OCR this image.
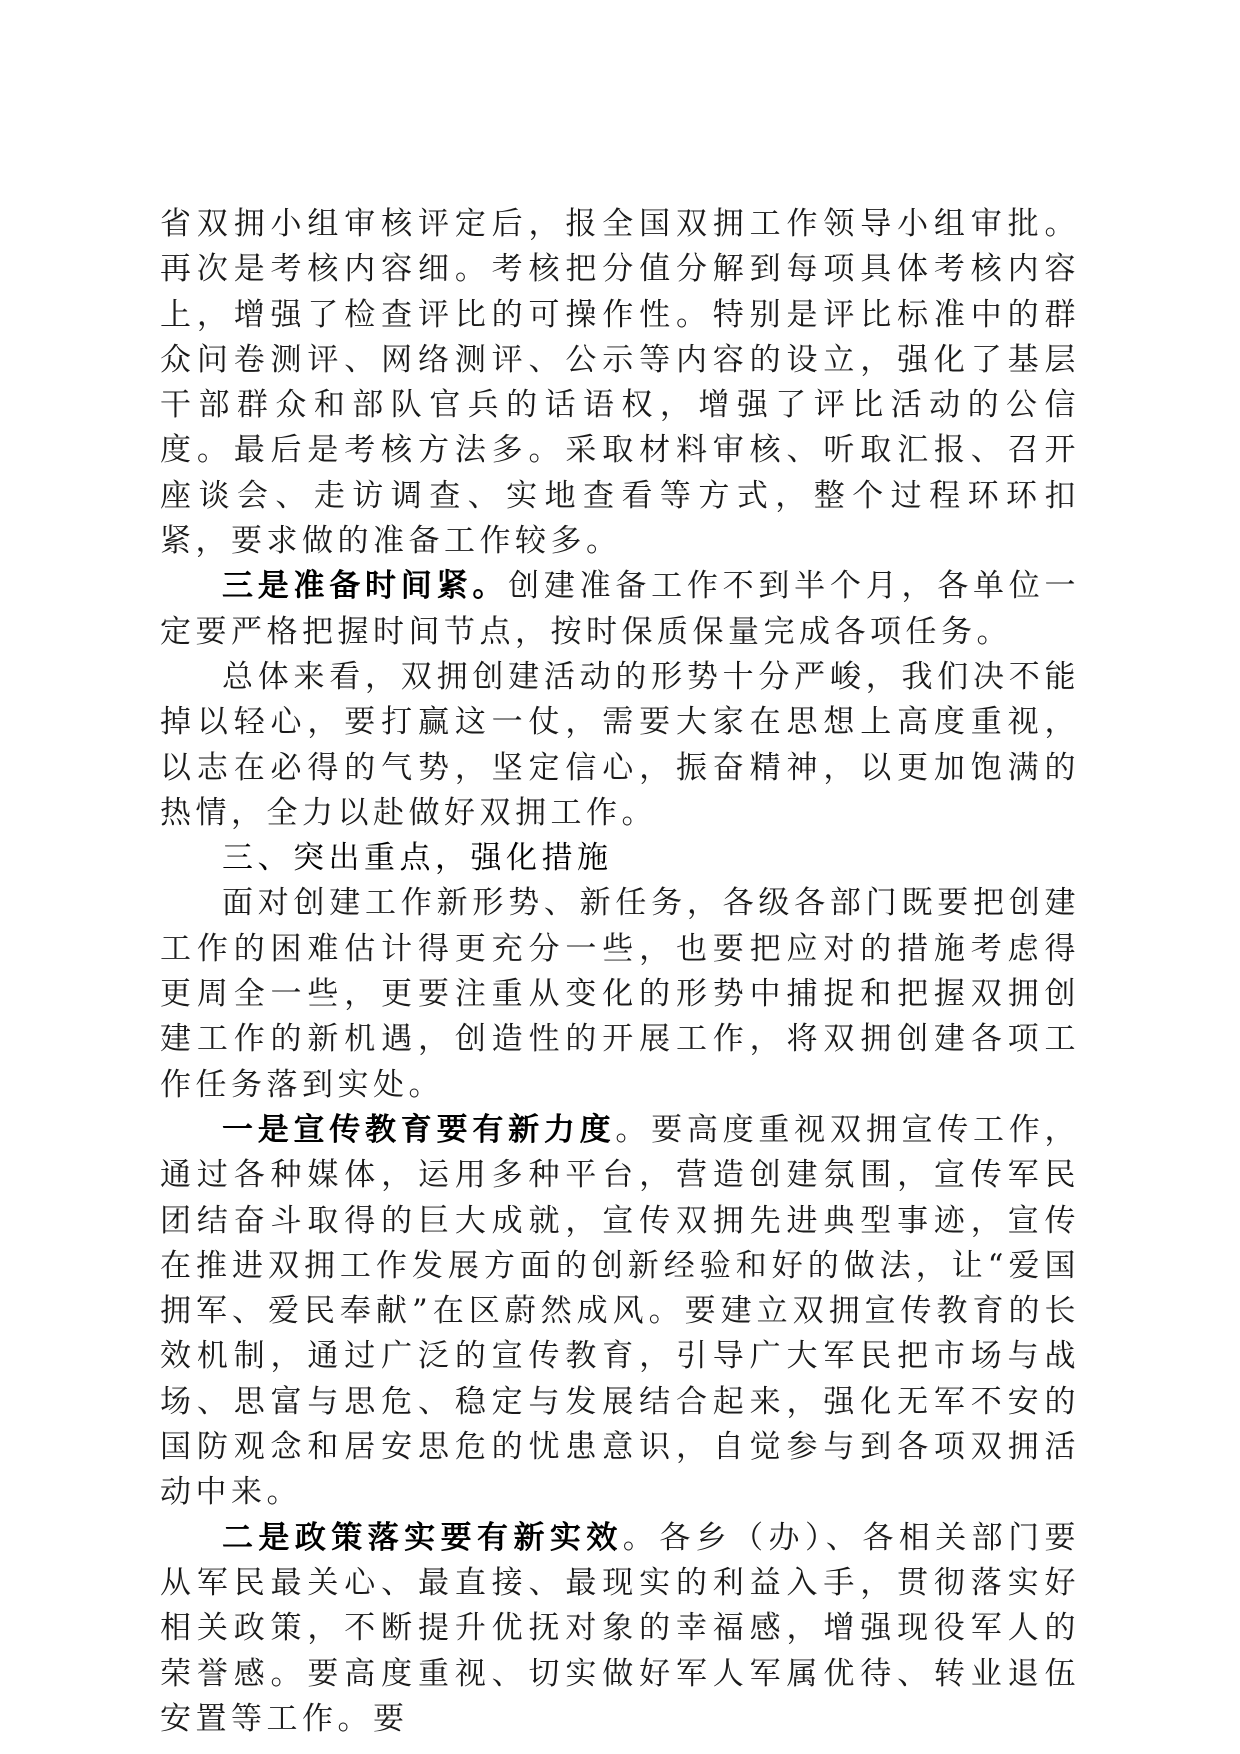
省双拥小组审核评定后，报全国双拥工作领导小组审批。再次是考核内容细。考核把分值分解到每项具体考核内容上，增强了检查评比的可操作性。特别是评比标准中的群众问卷测评、网络测评、公示等内容的设立，强化了基层干部群众和部队官兵的话语权，增强了评比活动的公信度。最后是考核方法多。采取材料审核、听取汇报、召开座谈会、走访调查、实地查看等方式，整个过程环环扣紧，要求做的准备工作较多。

三是准备时间紧。创建准备工作不到半个月，各单位一定要严格把握时间节点，按时保质保量完成各项任务。

总体来看，双拥创建活动的形势十分严峻，我们决不能掉以轻心，要打赢这一仗，需要大家在思想上高度重视，以志在必得的气势，坚定信心，振奋精神，以更加饱满的热情，全力以赴做好双拥工作。

三、突出重点，强化措施

面对创建工作新形势、新任务，各级各部门既要把创建工作的困难估计得更充分一些，也要把应对的措施考虑得更周全一些，更要注重从变化的形势中捕捉和把握双拥创建工作的新机遇，创造性的开展工作，将双拥创建各项工作任务落到实处。

一是宣传教育要有新力度。要高度重视双拥宣传工作，通过各种媒体，运用多种平台，营造创建氛围，宣传军民团结奋斗取得的巨大成就，宣传双拥先进典型事迹，宣传在推进双拥工作发展方面的创新经验和好的做法，让“爱国拥军、爱民奉献”在区蔚然成风。要建立双拥宣传教育的长效机制，通过广泛的宣传教育，引导广大军民把市场与战场、思富与思危、稳定与发展结合起来，强化无军不安的国防观念和居安思危的忧患意识，自觉参与到各项双拥活动中来。

二是政策落实要有新实效。各乡（办）、各相关部门要从军民最关心、最直接、最现实的利益入手，贯彻落实好相关政策，不断提升优抚对象的幸福感，增强现役军人的荣誉感。要高度重视、切实做好军人军属优待、转业退伍安置等工作。要
